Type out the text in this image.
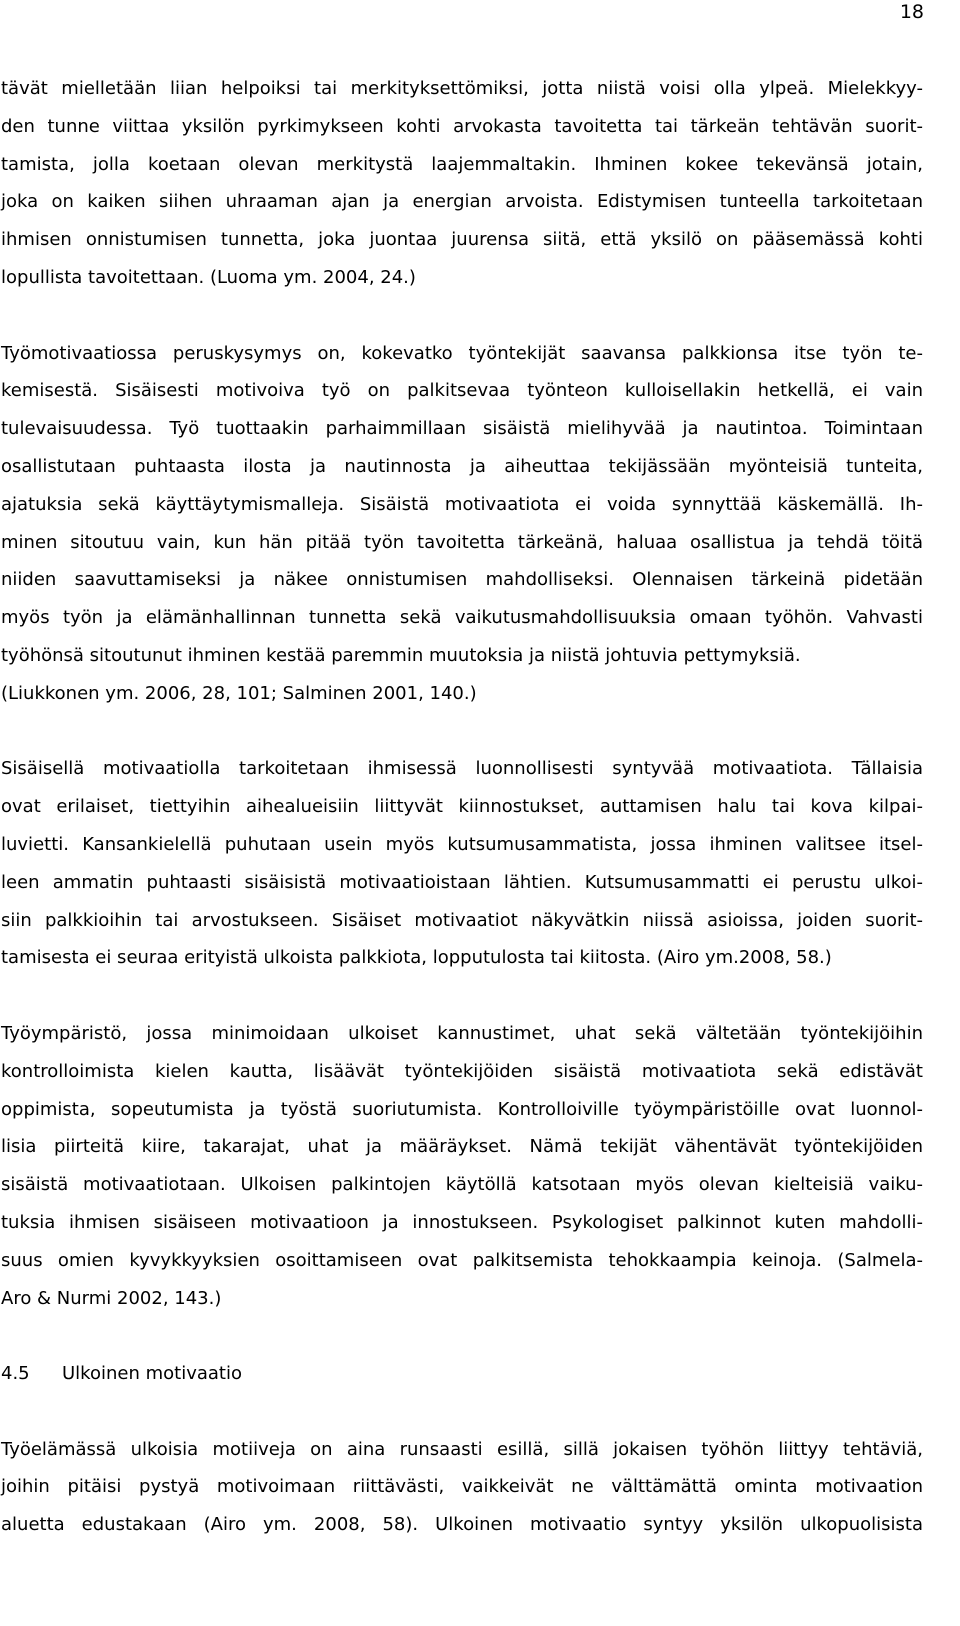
18
tävät mielletään liian helpoiksi tai merkityksettömiksi, jotta niistä voisi olla ylpeä. Mielekkyy-
den tunne viittaa yksilön pyrkimykseen kohti arvokasta tavoitetta tai tärkeän tehtävän suorit-
tamista, jolla koetaan olevan merkitystä laajemmaltakin. Ihminen kokee tekevänsä jotain,
joka on kaiken siihen uhraaman ajan ja energian arvoista. Edistymisen tunteella tarkoitetaan
ihmisen onnistumisen tunnetta, joka juontaa juurensa siitä, että yksilö on pääsemässä kohti
lopullista tavoitettaan. (Luoma ym. 2004, 24.)
Työmotivaatiossa peruskysymys on, kokevatko työntekijät saavansa palkkionsa itse työn te-
kemisestä. Sisäisesti motivoiva työ on palkitsevaa työnteon kulloisellakin hetkellä, ei vain
tulevaisuudessa. Työ tuottaakin parhaimmillaan sisäistä mielihyvää ja nautintoa. Toimintaan
osallistutaan puhtaasta ilosta ja nautinnosta ja aiheuttaa tekijässään myönteisiä tunteita,
ajatuksia sekä käyttäytymismalleja. Sisäistä motivaatiota ei voida synnyttää käskemällä. Ih-
minen sitoutuu vain, kun hän pitää työn tavoitetta tärkeänä, haluaa osallistua ja tehdä töitä
niiden saavuttamiseksi ja näkee onnistumisen mahdolliseksi. Olennaisen tärkeinä pidetään
myös työn ja elämänhallinnan tunnetta sekä vaikutusmahdollisuuksia omaan työhön. Vahvasti
työhönsä sitoutunut ihminen kestää paremmin muutoksia ja niistä johtuvia pettymyksiä.
(Liukkonen ym. 2006, 28, 101; Salminen 2001, 140.)
Sisäisellä motivaatiolla tarkoitetaan ihmisessä luonnollisesti syntyvää motivaatiota. Tällaisia
ovat erilaiset, tiettyihin aihealueisiin liittyvät kiinnostukset, auttamisen halu tai kova kilpai-
luvietti. Kansankielellä puhutaan usein myös kutsumusammatista, jossa ihminen valitsee itsel-
leen ammatin puhtaasti sisäisistä motivaatioistaan lähtien. Kutsumusammatti ei perustu ulkoi-
siin palkkioihin tai arvostukseen. Sisäiset motivaatiot näkyvätkin niissä asioissa, joiden suorit-
tamisesta ei seuraa erityistä ulkoista palkkiota, lopputulosta tai kiitosta. (Airo ym.2008, 58.)
Työympäristö, jossa minimoidaan ulkoiset kannustimet, uhat sekä vältetään työntekijöihin
kontrolloimista kielen kautta, lisäävät työntekijöiden sisäistä motivaatiota sekä edistävät
oppimista, sopeutumista ja työstä suoriutumista. Kontrolloiville työympäristöille ovat luonnol-
lisia piirteitä kiire, takarajat, uhat ja määräykset. Nämä tekijät vähentävät työntekijöiden
sisäistä motivaatiotaan. Ulkoisen palkintojen käytöllä katsotaan myös olevan kielteisiä vaiku-
tuksia ihmisen sisäiseen motivaatioon ja innostukseen. Psykologiset palkinnot kuten mahdolli-
suus omien kyvykkyyksien osoittamiseen ovat palkitsemista tehokkaampia keinoja. (Salmela-
Aro & Nurmi 2002, 143.)
4.5	Ulkoinen motivaatio
Työelämässä ulkoisia motiiveja on aina runsaasti esillä, sillä jokaisen työhön liittyy tehtäviä,
joihin pitäisi pystyä motivoimaan riittävästi, vaikkeivät ne välttämättä ominta motivaation
aluetta edustakaan (Airo ym. 2008, 58). Ulkoinen motivaatio syntyy yksilön ulkopuolisista
